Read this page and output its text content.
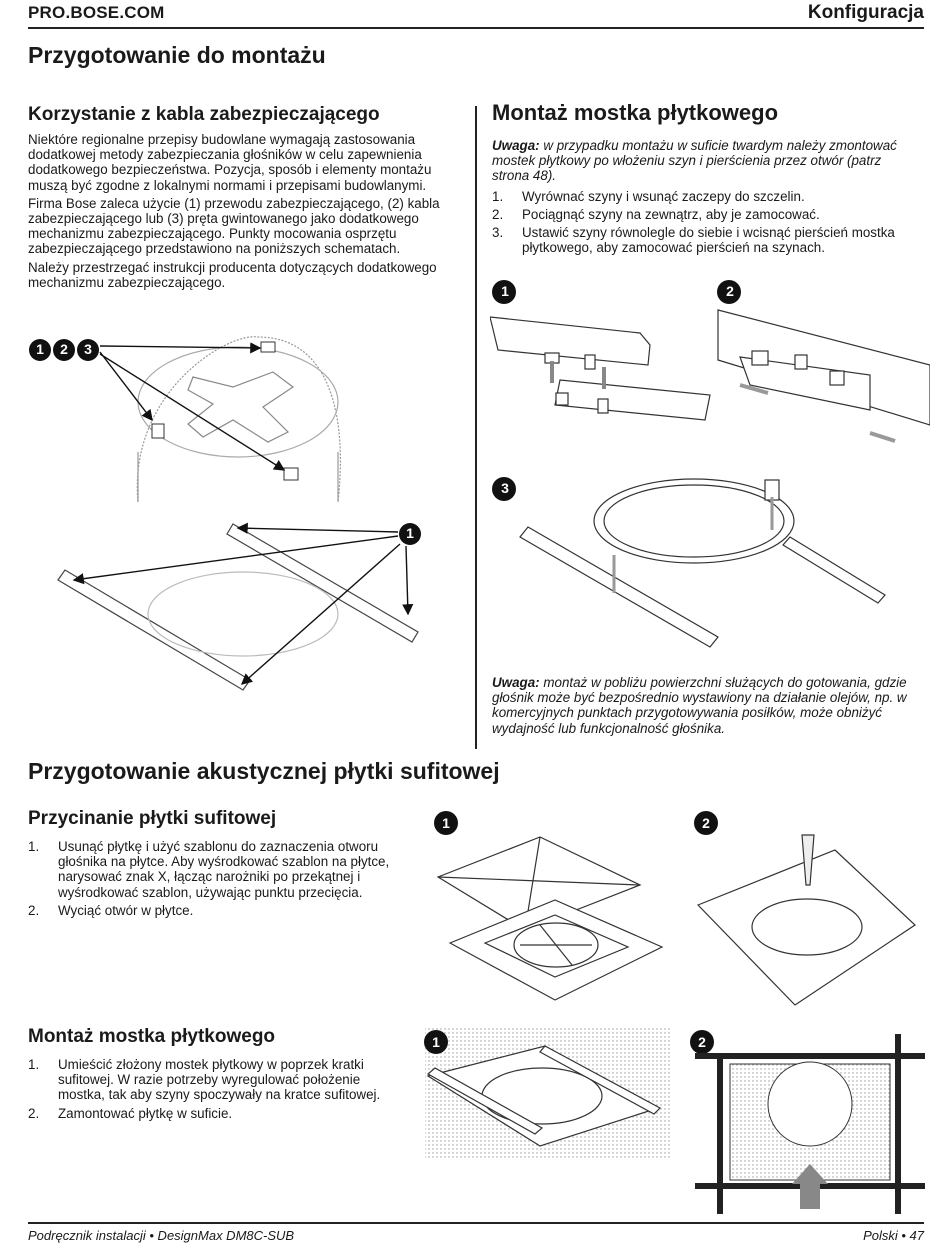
PRO.BOSE.COM	Konfiguracja
Przygotowanie do montażu
Korzystanie z kabla zabezpieczającego

Niektóre regionalne przepisy budowlane wymagają zastosowania dodatkowej metody zabezpieczania głośników w celu zapewnienia dodatkowego bezpieczeństwa. Pozycja, sposób i elementy montażu muszą być zgodne z lokalnymi normami i przepisami budowlanymi.

Firma Bose zaleca użycie (1) przewodu zabezpieczającego, (2) kabla zabezpieczającego lub (3) pręta gwintowanego jako dodatkowego mechanizmu zabezpieczającego. Punkty mocowania osprzętu zabezpieczającego przedstawiono na poniższych schematach.

Należy przestrzegać instrukcji producenta dotyczących dodatkowego mechanizmu zabezpieczającego.

1	2	3
1
Montaż mostka płytkowego
Uwaga: w przypadku montażu w suficie twardym należy zmontować mostek płytkowy po włożeniu szyn i pierścienia przez otwór (patrz strona 48).
1. Wyrównać szyny i wsunąć zaczepy do szczelin.
2. Pociągnąć szyny na zewnątrz, aby je zamocować.
3. Ustawić szyny równolegle do siebie i wcisnąć pierścień mostka płytkowego, aby zamocować pierścień na szynach.
1	2
3
Uwaga: montaż w pobliżu powierzchni służących do gotowania, gdzie głośnik może być bezpośrednio wystawiony na działanie olejów, np. w komercyjnych punktach przygotowywania posiłków, może obniżyć wydajność lub funkcjonalność głośnika.
Przygotowanie akustycznej płytki sufitowej
Przycinanie płytki sufitowej
1. Usunąć płytkę i użyć szablonu do zaznaczenia otworu głośnika na płytce. Aby wyśrodkować szablon na płytce, narysować znak X, łącząc narożniki po przekątnej i wyśrodkować szablon, używając punktu przecięcia.
2. Wyciąć otwór w płytce.
1	2
Montaż mostka płytkowego
1. Umieścić złożony mostek płytkowy w poprzek kratki sufitowej. W razie potrzeby wyregulować położenie mostka, tak aby szyny spoczywały na kratce sufitowej.
2. Zamontować płytkę w suficie.
1	2
Podręcznik instalacji • DesignMax DM8C-SUB	Polski • 47
